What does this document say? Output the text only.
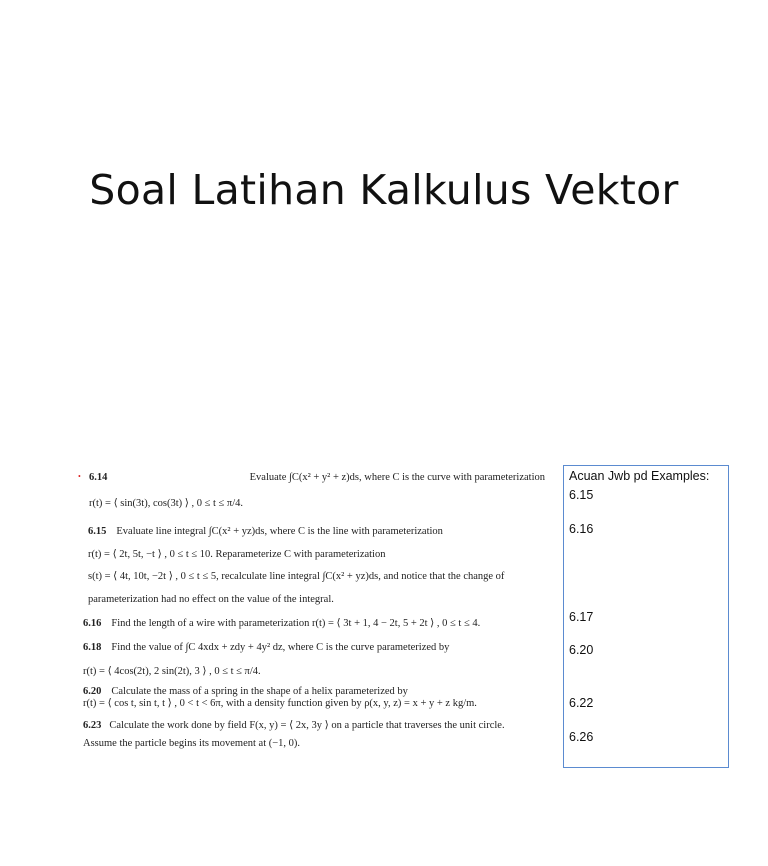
Soal Latihan Kalkulus Vektor
• 6.14	Evaluate ∫C(x² + y² + z)ds, where C is the curve with parameterization
r(t) = ⟨ sin(3t), cos(3t) ⟩ , 0 ≤ t ≤ π/4.
6.15 Evaluate line integral ∫C(x² + yz)ds, where C is the line with parameterization
r(t) = ⟨ 2t, 5t, −t ⟩ , 0 ≤ t ≤ 10. Reparameterize C with parameterization
s(t) = ⟨ 4t, 10t, −2t ⟩ , 0 ≤ t ≤ 5, recalculate line integral ∫C(x² + yz)ds, and notice that the change of
parameterization had no effect on the value of the integral.
6.16 Find the length of a wire with parameterization r(t) = ⟨ 3t + 1, 4 − 2t, 5 + 2t ⟩ , 0 ≤ t ≤ 4.
6.18 Find the value of ∫C 4xdx + zdy + 4y² dz, where C is the curve parameterized by
r(t) = ⟨ 4cos(2t), 2 sin(2t), 3 ⟩ , 0 ≤ t ≤ π/4.
6.20 Calculate the mass of a spring in the shape of a helix parameterized by
r(t) = ⟨ cos t, sin t, t ⟩ , 0 < t < 6π, with a density function given by ρ(x, y, z) = x + y + z kg/m.
6.23 Calculate the work done by field F(x, y) = ⟨ 2x, 3y ⟩ on a particle that traverses the unit circle.
Assume the particle begins its movement at (−1, 0).
Acuan Jwb pd Examples:
6.15
6.16
6.17
6.20
6.22
6.26
